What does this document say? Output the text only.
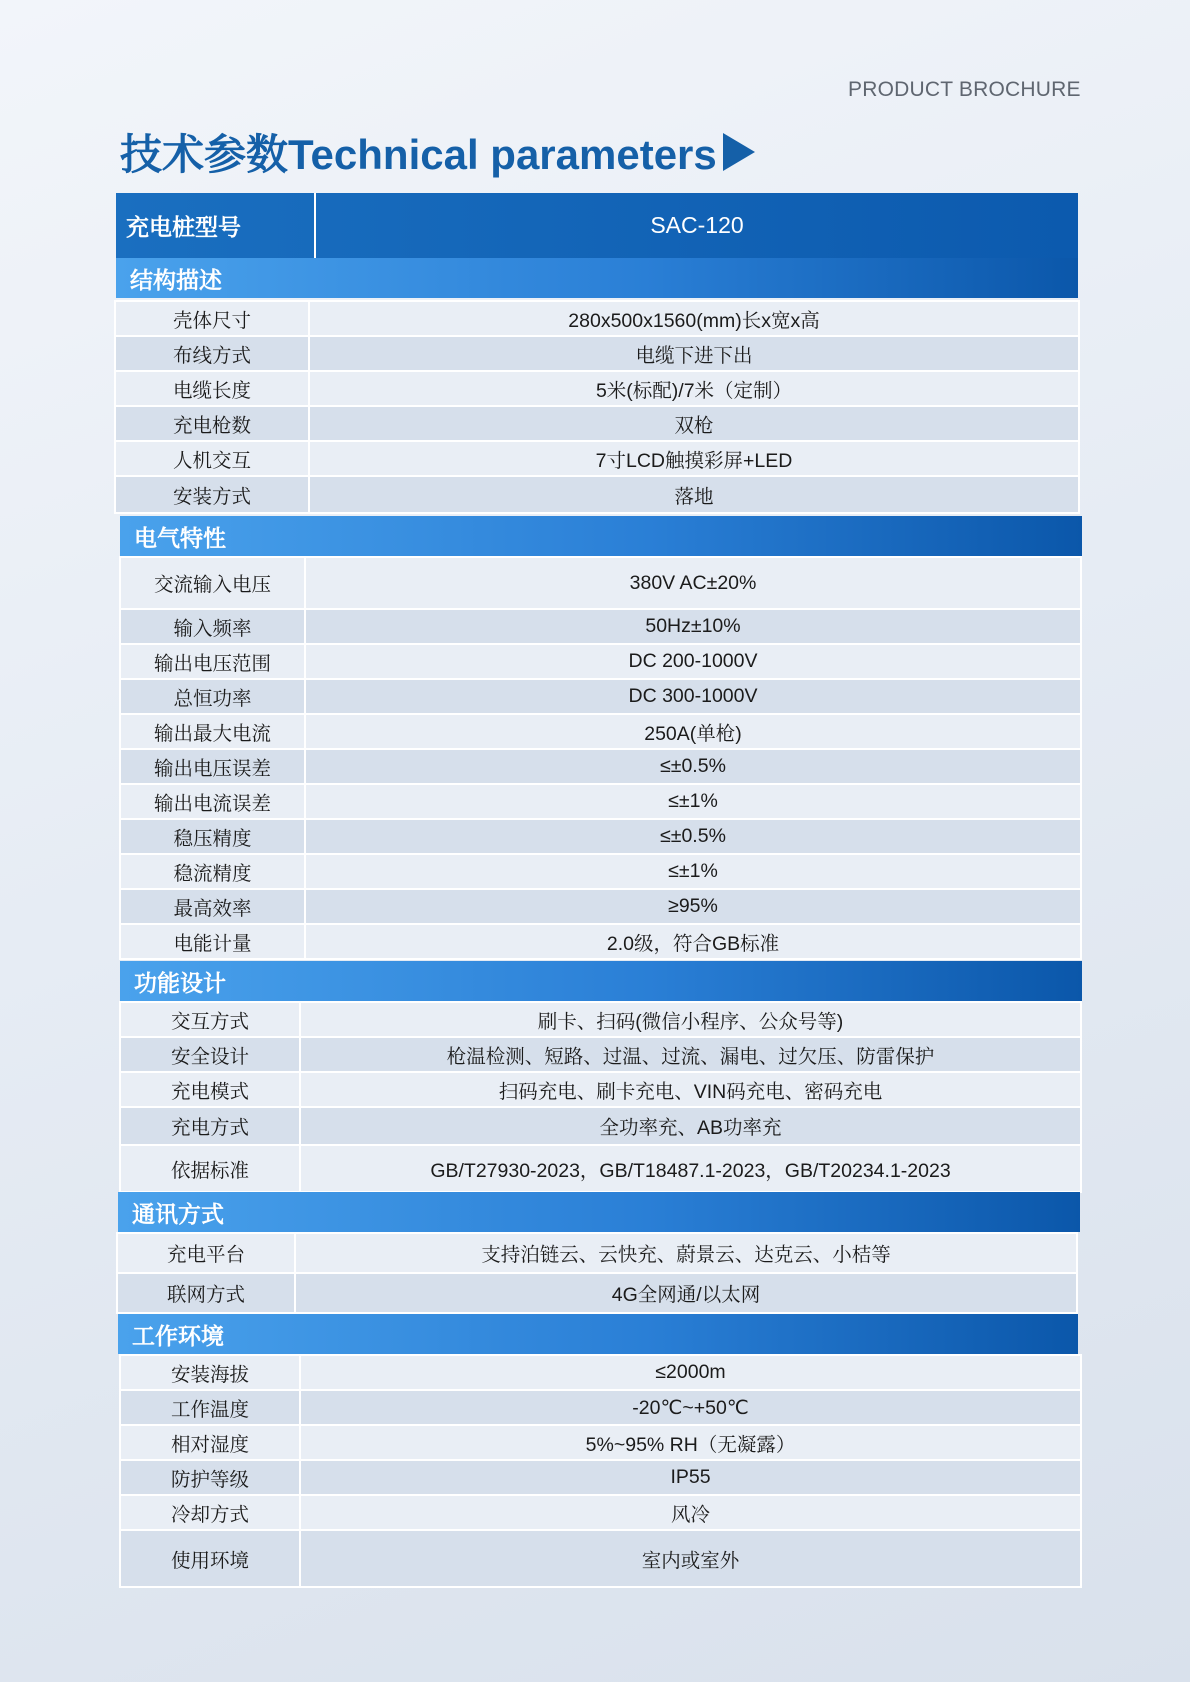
PRODUCT BROCHURE
技术参数Technical parameters
充电桩型号	SAC-120
结构描述
壳体尺寸	280x500x1560(mm)长x宽x高
布线方式	电缆下进下出
电缆长度	5米(标配)/7米（定制）
充电枪数	双枪
人机交互	7寸LCD触摸彩屏+LED
安装方式	落地
电气特性
交流输入电压	380V AC±20%
输入频率	50Hz±10%
输出电压范围	DC 200-1000V
总恒功率	DC 300-1000V
输出最大电流	250A(单枪)
输出电压误差	≤±0.5%
输出电流误差	≤±1%
稳压精度	≤±0.5%
稳流精度	≤±1%
最高效率	≥95%
电能计量	2.0级，符合GB标准
功能设计
交互方式	刷卡、扫码(微信小程序、公众号等)
安全设计	枪温检测、短路、过温、过流、漏电、过欠压、防雷保护
充电模式	扫码充电、刷卡充电、VIN码充电、密码充电
充电方式	全功率充、AB功率充
依据标准	GB/T27930-2023，GB/T18487.1-2023，GB/T20234.1-2023
通讯方式
充电平台	支持泊链云、云快充、蔚景云、达克云、小桔等
联网方式	4G全网通/以太网
工作环境
安装海拔	≤2000m
工作温度	-20℃~+50℃
相对湿度	5%~95% RH（无凝露）
防护等级	IP55
冷却方式	风冷
使用环境	室内或室外
